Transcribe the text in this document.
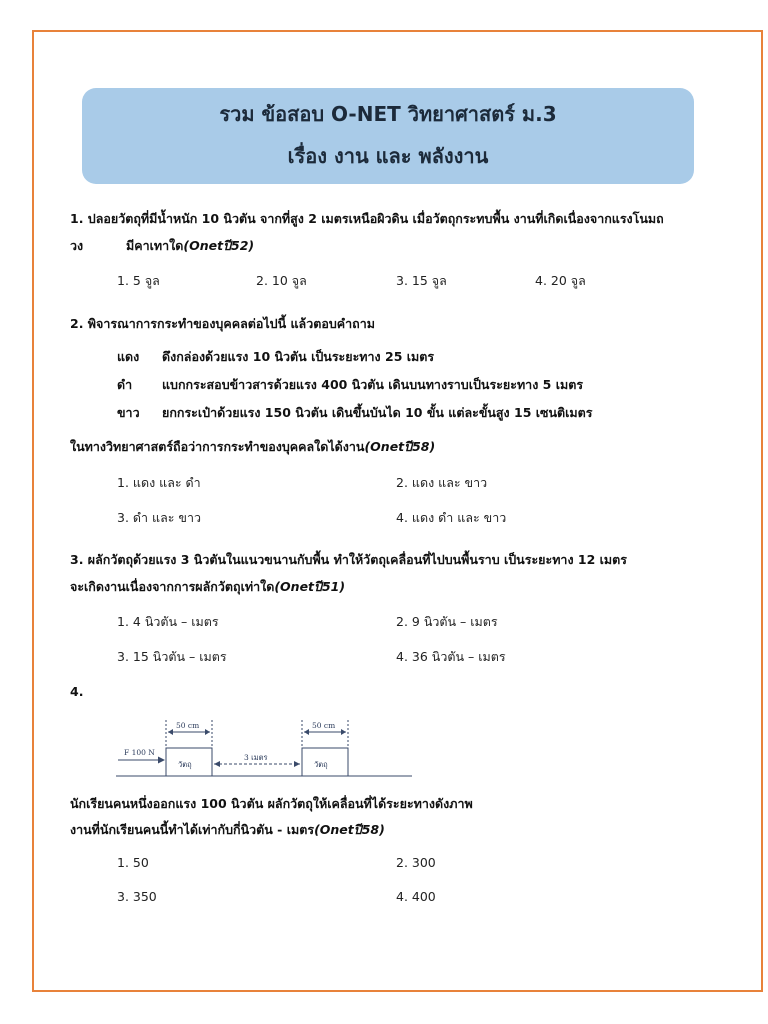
รวม ข้อสอบ O-NET วิทยาศาสตร์ ม.3
เรื่อง งาน และ พลังงาน
1. ปลอยวัตถุที่มีน้ำหนัก 10 นิวตัน จากที่สูง 2 เมตรเหนือผิวดิน เมื่อวัตถุกระทบพื้น งานที่เกิดเนื่องจากแรงโนมถ
วง	มีคาเทาใด(Onetปี52)
1. 5 จูล	2. 10 จูล	3. 15 จูล	4. 20 จูล
2. พิจารณาการกระทำของบุคคลต่อไปนี้ แล้วตอบคำถาม
แดง ดึงกล่องด้วยแรง 10 นิวตัน เป็นระยะทาง 25 เมตร
ดำ แบกกระสอบข้าวสารด้วยแรง 400 นิวตัน เดินบนทางราบเป็นระยะทาง 5 เมตร
ขาว ยกกระเป๋าด้วยแรง 150 นิวตัน เดินขึ้นบันได 10 ขั้น แต่ละขั้นสูง 15 เซนติเมตร
ในทางวิทยาศาสตร์ถือว่าการกระทำของบุคคลใดได้งาน(Onetปี58)
1. แดง และ ดำ	2. แดง และ ขาว
3. ดำ และ ขาว	4. แดง ดำ และ ขาว
3. ผลักวัตถุด้วยแรง 3 นิวตันในแนวขนานกับพื้น ทำให้วัตถุเคลื่อนที่ไปบนพื้นราบ เป็นระยะทาง 12 เมตร
จะเกิดงานเนื่องจากการผลักวัตถุเท่าใด(Onetปี51)
1. 4 นิวตัน – เมตร	2. 9 นิวตัน – เมตร
3. 15 นิวตัน – เมตร	4. 36 นิวตัน – เมตร
4.
F 100 N
50 cm	50 cm
3 เมตร
วัตถุ	วัตถุ
นักเรียนคนหนึ่งออกแรง 100 นิวตัน ผลักวัตถุให้เคลื่อนที่ได้ระยะทางดังภาพ
งานที่นักเรียนคนนี้ทำได้เท่ากับกี่นิวตัน - เมตร(Onetปี58)
1. 50	2. 300
3. 350	4. 400
